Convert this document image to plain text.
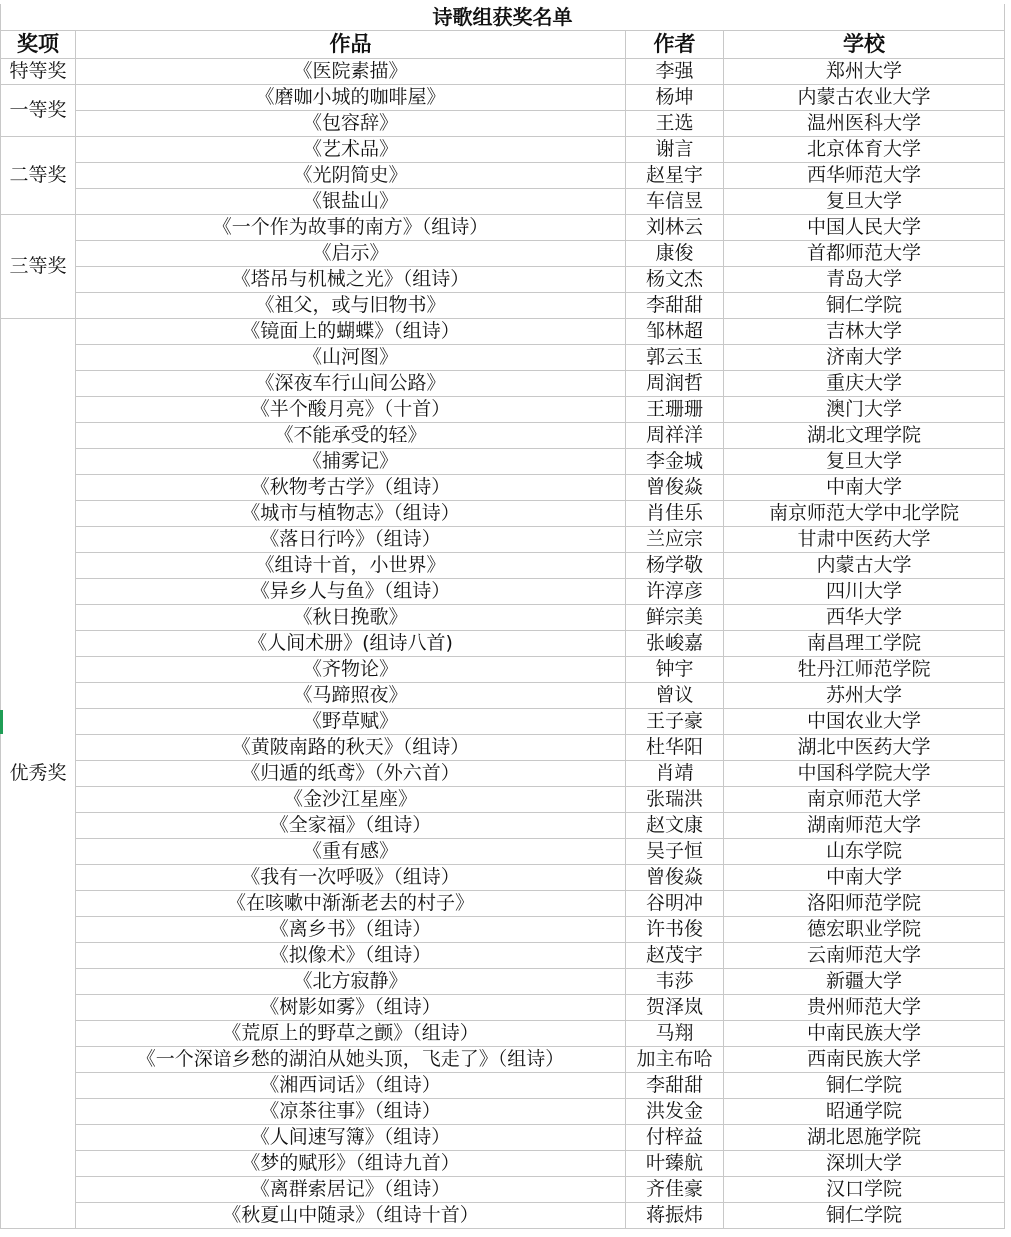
诗歌组获奖名单			
奖项	作品	作者	学校
特等奖	《医院素描》	李强	郑州大学
一等奖	《磨咖小城的咖啡屋》	杨坤	内蒙古农业大学
	《包容辞》	王选	温州医科大学
二等奖	《艺术品》	谢言	北京体育大学
	《光阴简史》	赵星宇	西华师范大学
	《银盐山》	车信昱	复旦大学
三等奖	《一个作为故事的南方》（组诗）	刘林云	中国人民大学
	《启示》	康俊	首都师范大学
	《塔吊与机械之光》（组诗）	杨文杰	青岛大学
	《祖父，或与旧物书》	李甜甜	铜仁学院
优秀奖	《镜面上的蝴蝶》（组诗）	邹林超	吉林大学
	《山河图》	郭云玉	济南大学
	《深夜车行山间公路》	周润哲	重庆大学
	《半个酸月亮》（十首）	王珊珊	澳门大学
	《不能承受的轻》	周祥洋	湖北文理学院
	《捕雾记》	李金城	复旦大学
	《秋物考古学》（组诗）	曾俊焱	中南大学
	《城市与植物志》（组诗）	肖佳乐	南京师范大学中北学院
	《落日行吟》（组诗）	兰应宗	甘肃中医药大学
	《组诗十首，小世界》	杨学敬	内蒙古大学
	《异乡人与鱼》（组诗）	许淳彦	四川大学
	《秋日挽歌》	鲜宗美	西华大学
	《人间术册》(组诗八首)	张峻嘉	南昌理工学院
	《齐物论》	钟宇	牡丹江师范学院
	《马蹄照夜》	曾议	苏州大学
	《野草赋》	王子豪	中国农业大学
	《黄陂南路的秋天》（组诗）	杜华阳	湖北中医药大学
	《归遁的纸鸢》（外六首）	肖靖	中国科学院大学
	《金沙江星座》	张瑞洪	南京师范大学
	《全家福》（组诗）	赵文康	湖南师范大学
	《重有感》	吴子恒	山东学院
	《我有一次呼吸》（组诗）	曾俊焱	中南大学
	《在咳嗽中渐渐老去的村子》	谷明冲	洛阳师范学院
	《离乡书》（组诗）	许书俊	德宏职业学院
	《拟像术》（组诗）	赵茂宇	云南师范大学
	《北方寂静》	韦莎	新疆大学
	《树影如雾》（组诗）	贺泽岚	贵州师范大学
	《荒原上的野草之颤》（组诗）	马翔	中南民族大学
	《一个深谙乡愁的湖泊从她头顶，飞走了》（组诗）	加主布哈	西南民族大学
	《湘西词话》（组诗）	李甜甜	铜仁学院
	《凉茶往事》（组诗）	洪发金	昭通学院
	《人间速写簿》（组诗）	付梓益	湖北恩施学院
	《梦的赋形》（组诗九首）	叶臻航	深圳大学
	《离群索居记》（组诗）	齐佳豪	汉口学院
	《秋夏山中随录》（组诗十首）	蒋振炜	铜仁学院
